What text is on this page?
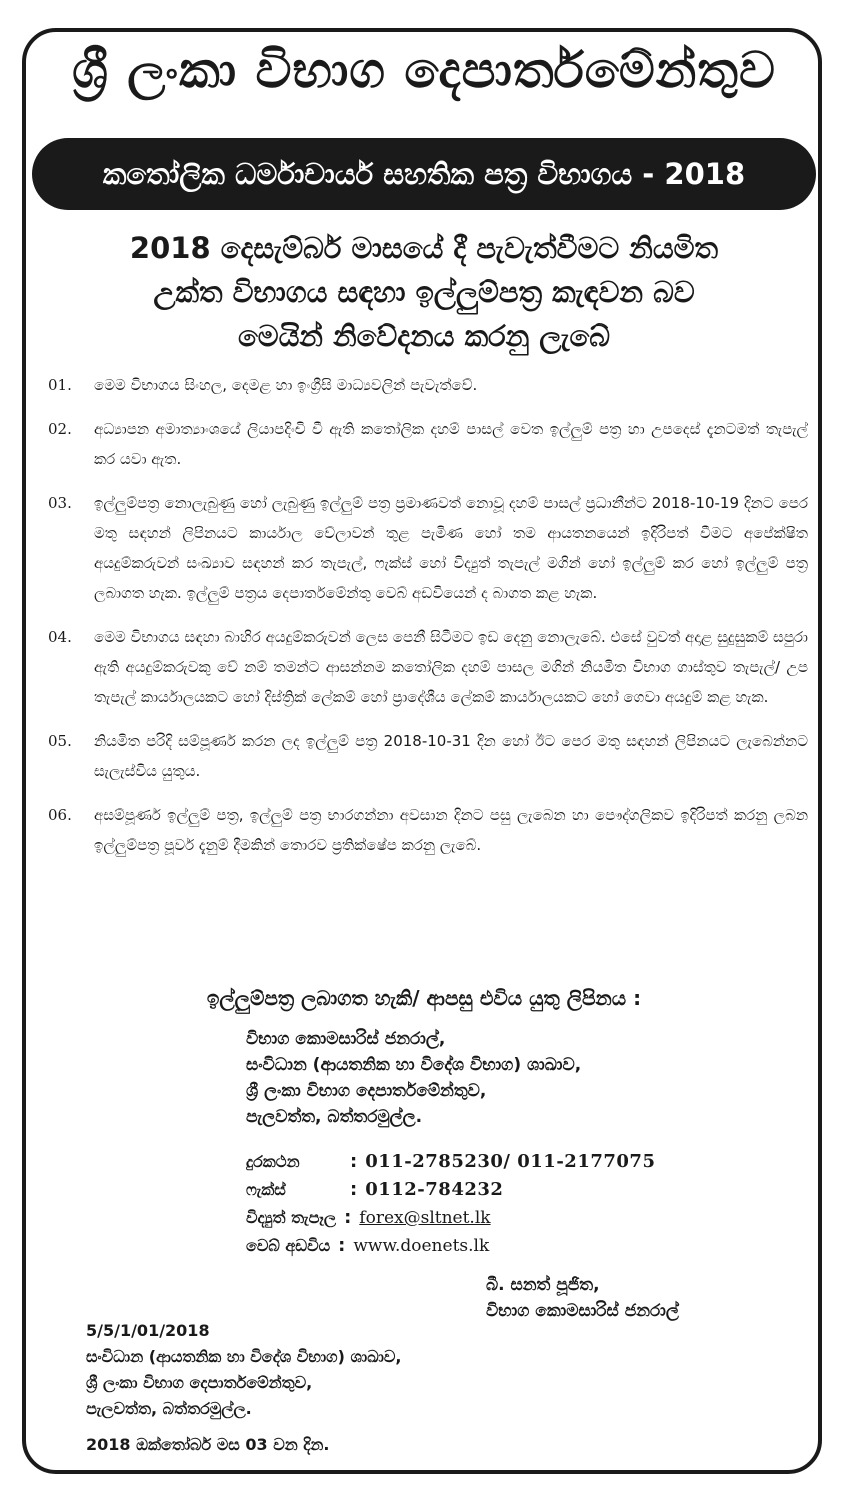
ශ්‍රී ලංකා විභාග දෙපාර්තමේන්තුව
කතෝලික ධර්මාචාර්ය සහතික පත්‍ර විභාගය - 2018
2018 දෙසැම්බර් මාසයේ දී පැවැත්වීමට නියමිත
උක්ත විභාගය සඳහා ඉල්ලුම්පත්‍ර කැඳවන බව
මෙයින් නිවේදනය කරනු ලැබේ
01.	මෙම විභාගය සිංහල, දෙමළ හා ඉංග්‍රීසි මාධ්‍යවලින් පැවැත්වේ.
02.	අධ්‍යාපන අමාත්‍යාංශයේ ලියාපදිංචි වී ඇති කතෝලික දහම් පාසල් වෙත ඉල්ලුම් පත්‍ර හා උපදෙස් දැනටමත් තැපැල් කර යවා ඇත.
03.	ඉල්ලුම්පත්‍ර නොලැබුණු හෝ ලැබුණු ඉල්ලුම් පත්‍ර ප්‍රමාණවත් නොවූ දහම් පාසල් ප්‍රධානීන්ට 2018-10-19 දිනට පෙර මතු සඳහන් ලිපිනයට කාර්යාල වේලාවන් තුළ පැමිණ හෝ තම ආයතනයෙන් ඉදිරිපත් වීමට අපේක්ෂිත අයදුම්කරුවන් සංඛ්‍යාව සඳහන් කර තැපැල්, ෆැක්ස් හෝ විද්‍යුත් තැපැල් මගින් හෝ ඉල්ලුම් කර හෝ ඉල්ලුම් පත්‍ර ලබාගත හැක. ඉල්ලුම් පත්‍රය දෙපාර්තමේන්තු වෙබ් අඩවියෙන් ද බාගත කළ හැක.
04.	මෙම විභාගය සඳහා බාහිර අයදුම්කරුවන් ලෙස පෙනී සිටීමට ඉඩ දෙනු නොලැබේ. එසේ වුවත් අදාළ සුදුසුකම් සපුරා ඇති අයදුම්කරුවකු වේ නම් තමන්ට ආසන්නම කතෝලික දහම් පාසල මගින් නියමිත විභාග ගාස්තුව තැපැල්/ උප තැපැල් කාර්යාලයකට හෝ දිස්ත්‍රික් ලේකම් හෝ ප්‍රාදේශීය ලේකම් කාර්යාලයකට හෝ ගෙවා අයදුම් කළ හැක.
05.	නියමිත පරිදි සම්පූර්ණ කරන ලද ඉල්ලුම් පත්‍ර 2018-10-31 දින හෝ ඊට පෙර මතු සඳහන් ලිපිනයට ලැබෙන්නට සැලැස්විය යුතුය.
06.	අසම්පූර්ණ ඉල්ලුම් පත්‍ර, ඉල්ලුම් පත්‍ර භාරගන්නා අවසාන දිනට පසු ලැබෙන හා පෞද්ගලිකව ඉදිරිපත් කරනු ලබන ඉල්ලුම්පත්‍ර පූර්ව දැනුම් දීමකින් තොරව ප්‍රතික්ෂේප කරනු ලැබේ.
ඉල්ලුම්පත්‍ර ලබාගත හැකි/ ආපසු එවිය යුතු ලිපිනය :
විභාග කොමසාරිස් ජනරාල්,
සංවිධාන (ආයතනික හා විදේශ විභාග) ශාඛාව,
ශ්‍රී ලංකා විභාග දෙපාර්තමේන්තුව,
පැලවත්ත, බත්තරමුල්ල.
දුරකථන	: 011-2785230/ 011-2177075
ෆැක්ස්	: 0112-784232
විද්‍යුත් තැපෑල : forex@sltnet.lk
වෙබ් අඩවිය : www.doenets.lk
බී. සනත් පූජිත,
විභාග කොමසාරිස් ජනරාල්
5/5/1/01/2018
සංවිධාන (ආයතනික හා විදේශ විභාග) ශාඛාව,
ශ්‍රී ලංකා විභාග දෙපාර්තමේන්තුව,
පැලවත්ත, බත්තරමුල්ල.
2018 ඔක්තෝබර් මස 03 වන දින.
